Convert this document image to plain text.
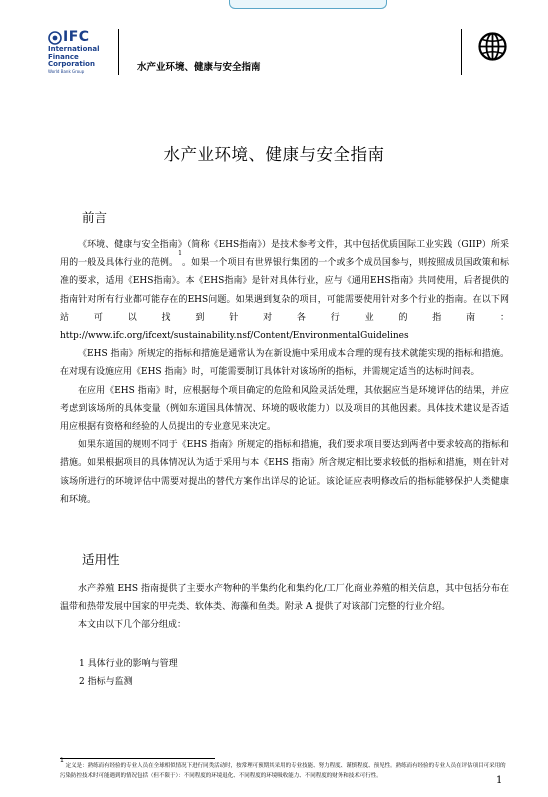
IFC
International
Finance
Corporation
World Bank Group	水产业环境、健康与安全指南
水产业环境、健康与安全指南
前言

《环境、健康与安全指南》（简称《EHS指南》）是技术参考文件，其中包括优质国际工业实践（GIIP）所采用的一般及具体行业的范例。$^1$。如果一个项目有世界银行集团的一个或多个成员国参与，则按照成员国政策和标准的要求，适用《EHS指南》。本《EHS指南》是针对具体行业，应与《通用EHS指南》共同使用，后者提供的指南针对所有行业都可能存在的EHS问题。如果遇到复杂的项目，可能需要使用针对多个行业的指南。在以下网站可以找到针对各行业的指南：http://www.ifc.org/ifcext/sustainability.nsf/Content/EnvironmentalGuidelines

《EHS 指南》所规定的指标和措施是通常认为在新设施中采用成本合理的现有技术就能实现的指标和措施。在对现有设施应用《EHS 指南》时，可能需要制订具体针对该场所的指标，并需规定适当的达标时间表。

在应用《EHS 指南》时，应根据每个项目确定的危险和风险灵活处理，其依据应当是环境评估的结果，并应考虑到该场所的具体变量（例如东道国具体情况、环境的吸收能力）以及项目的其他因素。具体技术建议是否适用应根据有资格和经验的人员提出的专业意见来决定。

如果东道国的规则不同于《EHS 指南》所规定的指标和措施，我们要求项目要达到两者中要求较高的指标和措施。如果根据项目的具体情况认为适于采用与本《EHS 指南》所含规定相比要求较低的指标和措施，则在针对该场所进行的环境评估中需要对提出的替代方案作出详尽的论证。该论证应表明修改后的指标能够保护人类健康和环境。

适用性

水产养殖 EHS 指南提供了主要水产物种的半集约化和集约化/工厂化商业养殖的相关信息，其中包括分布在温带和热带发展中国家的甲壳类、软体类、海藻和鱼类。附录 A 提供了对该部门完整的行业介绍。

本文由以下几个部分组成：

1 具体行业的影响与管理
2 指标与监测
1 定义是：熟练而有经验的专业人员在全球相似情况下进行同类活动时，按常理可预期其采用的专业技能、努力程度、谨慎程度、预见性。熟练而有经验的专业人员在评估项目可采用的污染防控技术时可能遇到的情况包括（但不限于）：不同程度的环境退化、不同程度的环境吸收能力、不同程度的财务和技术可行性。	1
